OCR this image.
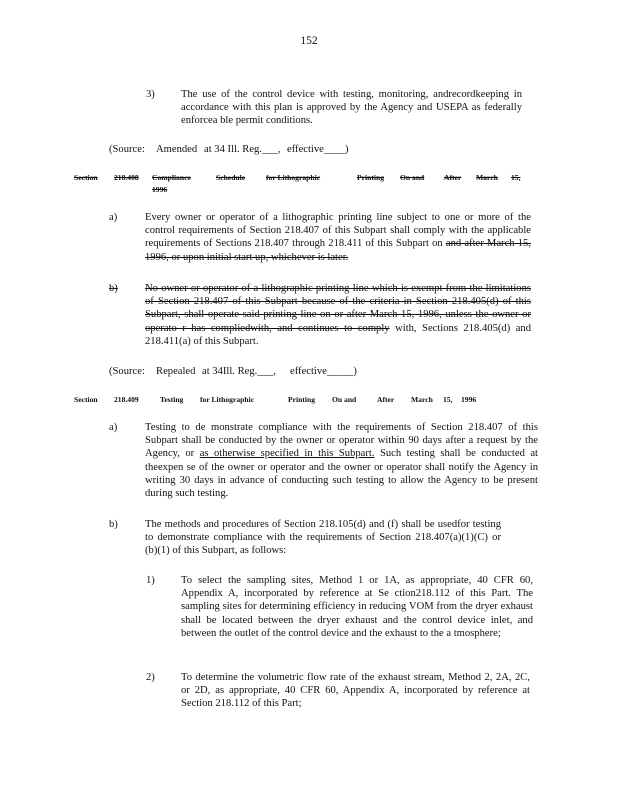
152
3) The use of the control device with testing, monitoring, andrecordkeeping in accordance with this plan is approved by the Agency and USEPA as federally enforcea ble permit conditions.
(Source: Amended at 34 Ill. Reg.___, effective____)
Section 218.408 Compliance	Schedule	for Lithographic	Printing On and	After March 15,
1996
a)	Every owner or operator of a lithographic printing line subject to one or more of the control requirements of Section 218.407 of this Subpart shall comply with the applicable requirements of Sections 218.407 through 218.411 of this Subpart on and after March 15, 1996, or upon initial start up, whichever is later.
b)	No owner or operator of a lithographic printing line which is exempt from the limitations of Section 218.407 of this Subpart because of the criteria in Section 218.405(d) of this Subpart, shall operate said printing line on or after March 15, 1996, unless the owner or operato r has compliedwith, and continues to comply with, Sections 218.405(d) and 218.411(a) of this Subpart.
(Source: Repealed at 34Ill. Reg.___, effective_____)
Section 218.409	Testing for Lithographic	Printing On and	After March 15, 1996
a)	Testing to de monstrate compliance with the requirements of Section 218.407 of this Subpart shall be conducted by the owner or operator within 90 days after a request by the Agency, or as otherwise specified in this Subpart. Such testing shall be conducted at theexpen se of the owner or operator and the owner or operator shall notify the Agency in writing 30 days in advance of conducting such testing to allow the Agency to be present during such testing.
b)	The methods and procedures of Section 218.105(d) and (f) shall be usedfor testing to demonstrate compliance with the requirements of Section 218.407(a)(1)(C) or (b)(1) of this Subpart, as follows:
1) To select the sampling sites, Method 1 or 1A, as appropriate, 40 CFR 60, Appendix A, incorporated by reference at Se ction218.112 of this Part. The sampling sites for determining efficiency in reducing VOM from the dryer exhaust shall be located between the dryer exhaust and the control device inlet, and between the outlet of the control device and the exhaust to the a tmosphere;
2) To determine the volumetric flow rate of the exhaust stream, Method 2, 2A, 2C, or 2D, as appropriate, 40 CFR 60, Appendix A, incorporated by reference at Section 218.112 of this Part;
